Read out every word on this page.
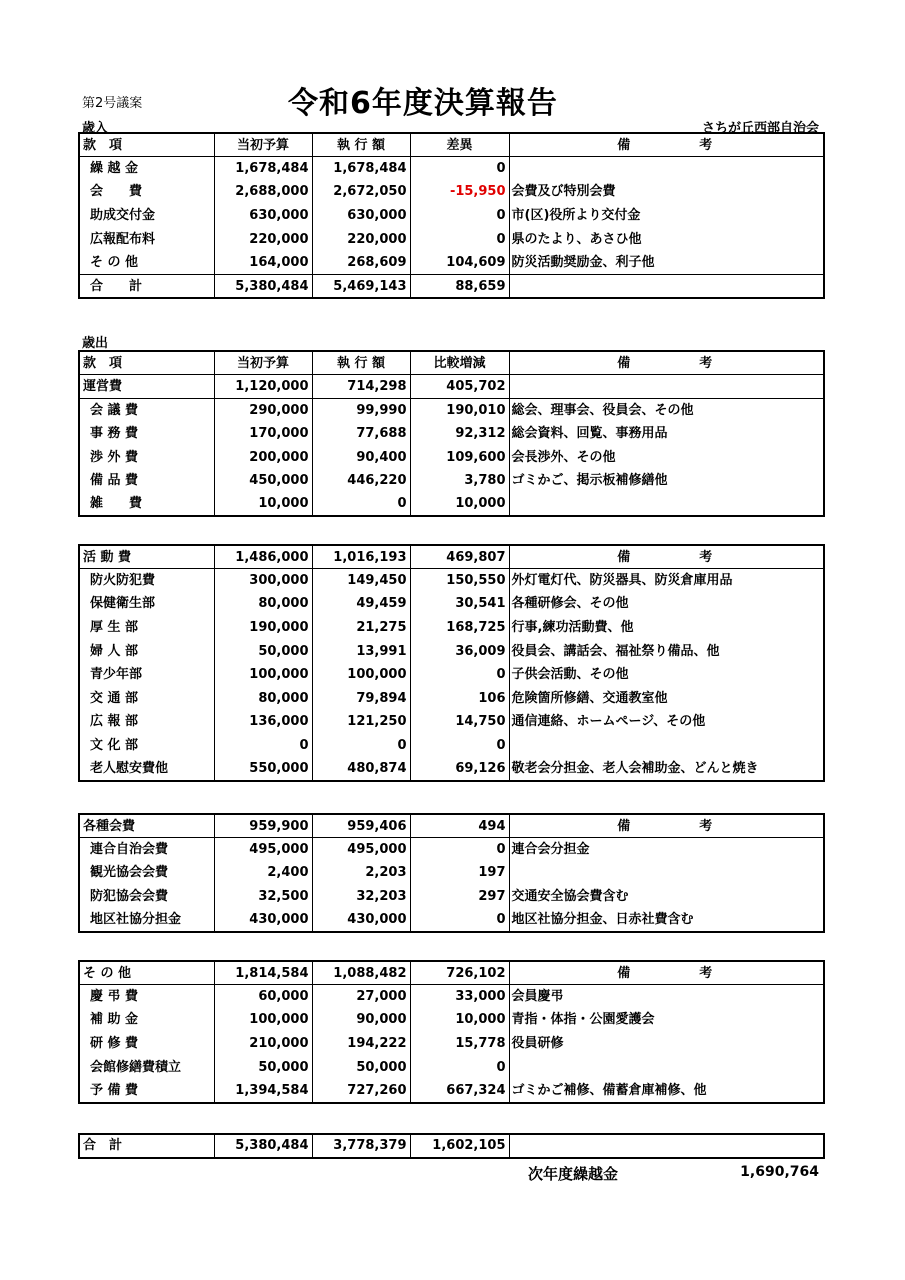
第2号議案	令和6年度決算報告
歳入	さちが丘西部自治会
款　項	当初予算	執 行 額	差異	備　考
繰 越 金	1,678,484	1,678,484	0	
会　　費	2,688,000	2,672,050	-15,950	会費及び特別会費
助成交付金	630,000	630,000	0	市(区)役所より交付金
広報配布料	220,000	220,000	0	県のたより、あさひ他
そ の 他	164,000	268,609	104,609	防災活動奨励金、利子他
合　　計	5,380,484	5,469,143	88,659	
歳出
款　項	当初予算	執 行 額	比較増減	備　考
運営費	1,120,000	714,298	405,702	
会 議 費	290,000	99,990	190,010	総会、理事会、役員会、その他
事 務 費	170,000	77,688	92,312	総会資料、回覧、事務用品
渉 外 費	200,000	90,400	109,600	会長渉外、その他
備 品 費	450,000	446,220	3,780	ゴミかご、掲示板補修繕他
雑　　費	10,000	0	10,000	
活 動 費	1,486,000	1,016,193	469,807	備　考
防火防犯費	300,000	149,450	150,550	外灯電灯代、防災器具、防災倉庫用品
保健衛生部	80,000	49,459	30,541	各種研修会、その他
厚 生 部	190,000	21,275	168,725	行事,練功活動費、他
婦 人 部	50,000	13,991	36,009	役員会、講話会、福祉祭り備品、他
青少年部	100,000	100,000	0	子供会活動、その他
交 通 部	80,000	79,894	106	危険箇所修繕、交通教室他
広 報 部	136,000	121,250	14,750	通信連絡、ホームページ、その他
文 化 部	0	0	0	
老人慰安費他	550,000	480,874	69,126	敬老会分担金、老人会補助金、どんと焼き
各種会費	959,900	959,406	494	備　考
連合自治会費	495,000	495,000	0	連合会分担金
観光協会会費	2,400	2,203	197	
防犯協会会費	32,500	32,203	297	交通安全協会費含む
地区社協分担金	430,000	430,000	0	地区社協分担金、日赤社費含む
そ の 他	1,814,584	1,088,482	726,102	備　考
慶 弔 費	60,000	27,000	33,000	会員慶弔
補 助 金	100,000	90,000	10,000	青指・体指・公園愛護会
研 修 費	210,000	194,222	15,778	役員研修
会館修繕費積立	50,000	50,000	0	
予 備 費	1,394,584	727,260	667,324	ゴミかご補修、備蓄倉庫補修、他
合　計	5,380,484	3,778,379	1,602,105	
次年度繰越金	1,690,764
